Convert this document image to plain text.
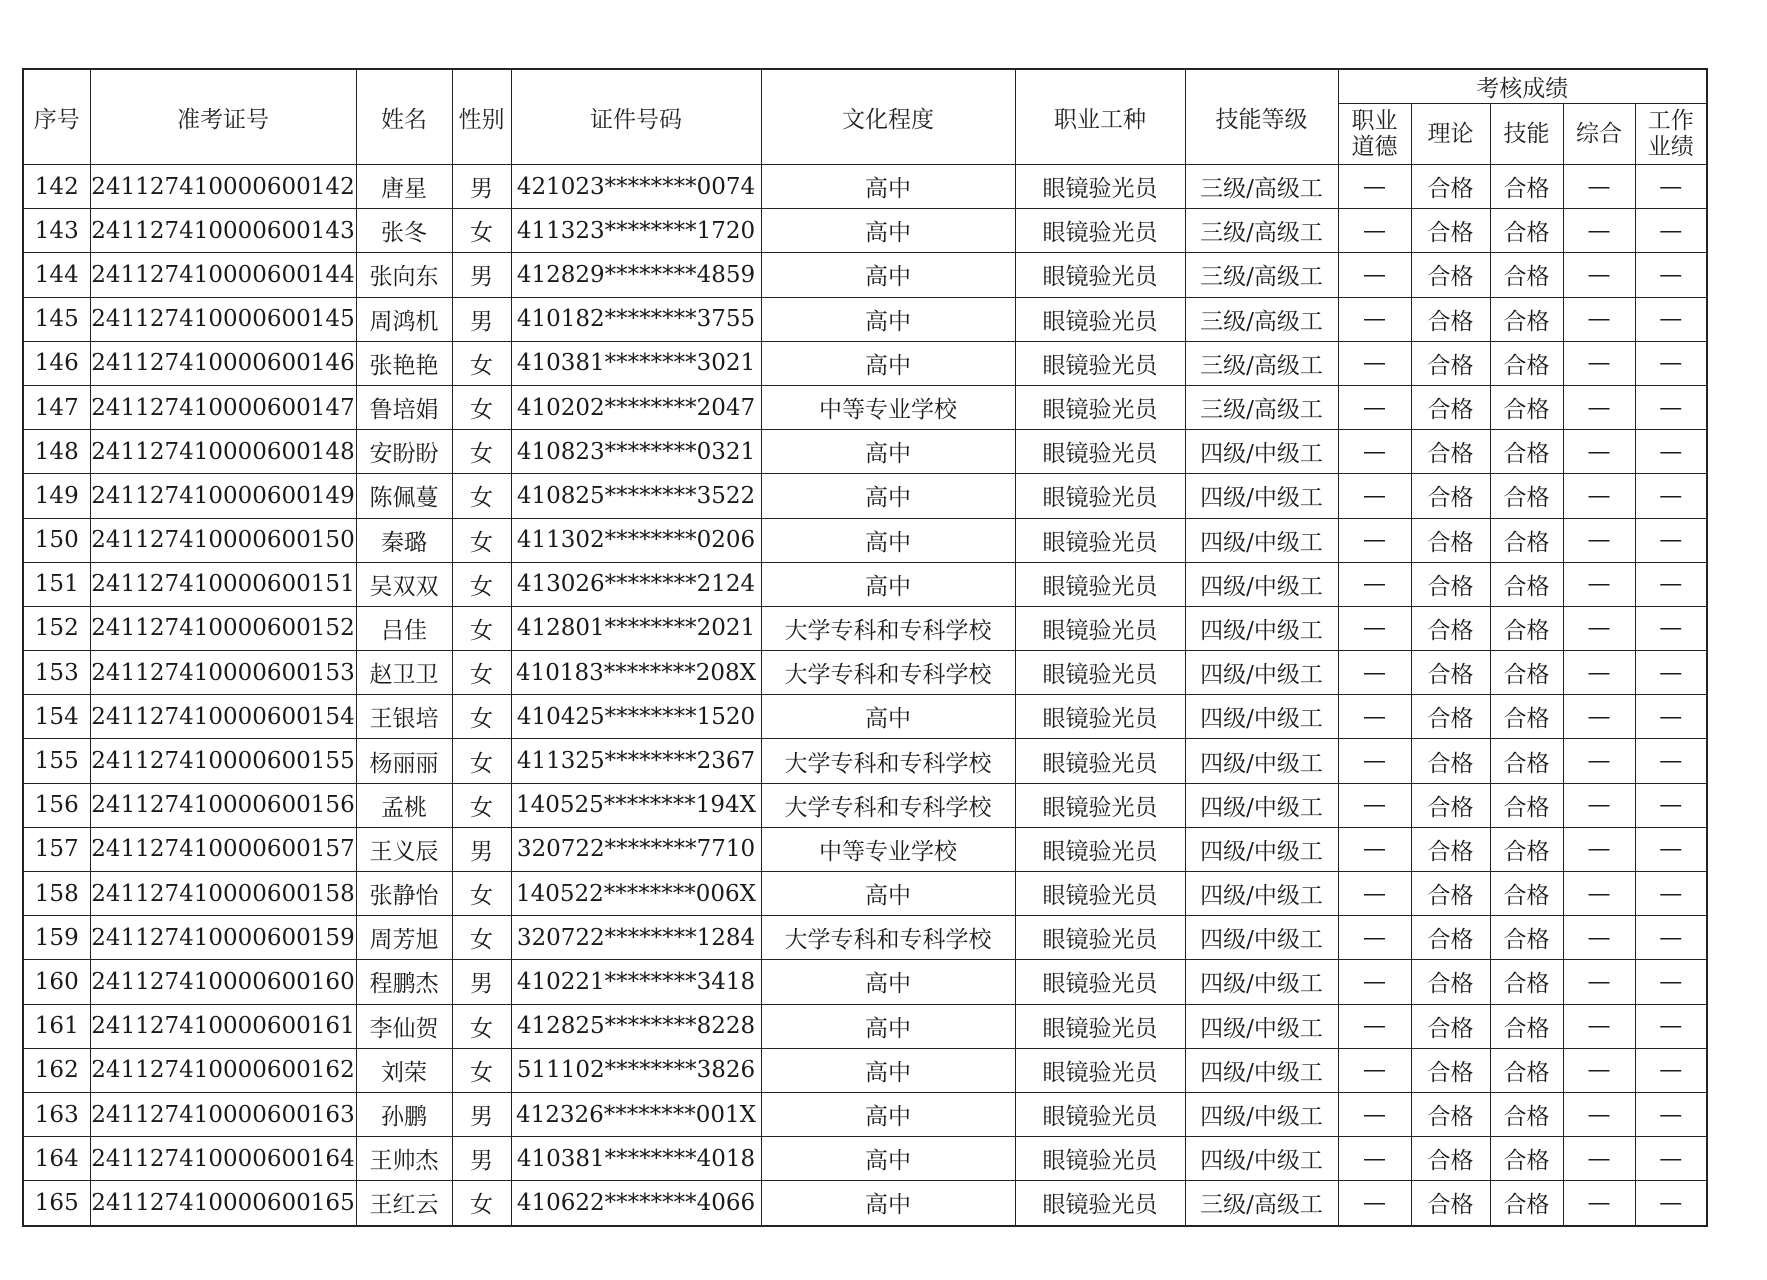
序号	准考证号	姓名	性别	证件号码	文化程度	职业工种	技能等级	考核成绩				
								职业道德	理论	技能	综合	工作业绩
142	241127410000600142	唐星	男	421023********0074	高中	眼镜验光员	三级/高级工	—	合格	合格	—	—
143	241127410000600143	张冬	女	411323********1720	高中	眼镜验光员	三级/高级工	—	合格	合格	—	—
144	241127410000600144	张向东	男	412829********4859	高中	眼镜验光员	三级/高级工	—	合格	合格	—	—
145	241127410000600145	周鸿机	男	410182********3755	高中	眼镜验光员	三级/高级工	—	合格	合格	—	—
146	241127410000600146	张艳艳	女	410381********3021	高中	眼镜验光员	三级/高级工	—	合格	合格	—	—
147	241127410000600147	鲁培娟	女	410202********2047	中等专业学校	眼镜验光员	三级/高级工	—	合格	合格	—	—
148	241127410000600148	安盼盼	女	410823********0321	高中	眼镜验光员	四级/中级工	—	合格	合格	—	—
149	241127410000600149	陈佩蔓	女	410825********3522	高中	眼镜验光员	四级/中级工	—	合格	合格	—	—
150	241127410000600150	秦璐	女	411302********0206	高中	眼镜验光员	四级/中级工	—	合格	合格	—	—
151	241127410000600151	吴双双	女	413026********2124	高中	眼镜验光员	四级/中级工	—	合格	合格	—	—
152	241127410000600152	吕佳	女	412801********2021	大学专科和专科学校	眼镜验光员	四级/中级工	—	合格	合格	—	—
153	241127410000600153	赵卫卫	女	410183********208X	大学专科和专科学校	眼镜验光员	四级/中级工	—	合格	合格	—	—
154	241127410000600154	王银培	女	410425********1520	高中	眼镜验光员	四级/中级工	—	合格	合格	—	—
155	241127410000600155	杨丽丽	女	411325********2367	大学专科和专科学校	眼镜验光员	四级/中级工	—	合格	合格	—	—
156	241127410000600156	孟桃	女	140525********194X	大学专科和专科学校	眼镜验光员	四级/中级工	—	合格	合格	—	—
157	241127410000600157	王义辰	男	320722********7710	中等专业学校	眼镜验光员	四级/中级工	—	合格	合格	—	—
158	241127410000600158	张静怡	女	140522********006X	高中	眼镜验光员	四级/中级工	—	合格	合格	—	—
159	241127410000600159	周芳旭	女	320722********1284	大学专科和专科学校	眼镜验光员	四级/中级工	—	合格	合格	—	—
160	241127410000600160	程鹏杰	男	410221********3418	高中	眼镜验光员	四级/中级工	—	合格	合格	—	—
161	241127410000600161	李仙贺	女	412825********8228	高中	眼镜验光员	四级/中级工	—	合格	合格	—	—
162	241127410000600162	刘荣	女	511102********3826	高中	眼镜验光员	四级/中级工	—	合格	合格	—	—
163	241127410000600163	孙鹏	男	412326********001X	高中	眼镜验光员	四级/中级工	—	合格	合格	—	—
164	241127410000600164	王帅杰	男	410381********4018	高中	眼镜验光员	四级/中级工	—	合格	合格	—	—
165	241127410000600165	王红云	女	410622********4066	高中	眼镜验光员	三级/高级工	—	合格	合格	—	—
